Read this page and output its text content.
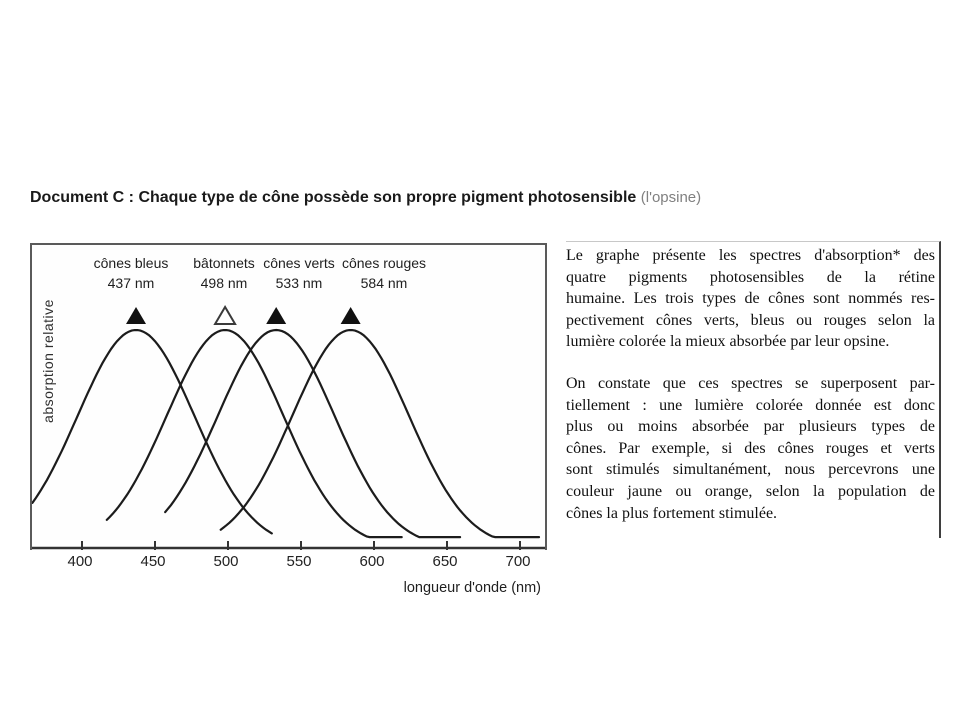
Document C : Chaque type de cône possède son propre pigment photosensible (l'opsine)
absorption relative
cônes bleus
437 nm
bâtonnets
498 nm
cônes verts
533 nm
cônes rouges
584 nm
400	450	500	550	600	650	700
longueur d'onde (nm)
Le graphe présente les spectres d'absorption* des
quatre pigments photosensibles de la rétine
humaine. Les trois types de cônes sont nommés res-
pectivement cônes verts, bleus ou rouges selon la
lumière colorée la mieux absorbée par leur opsine.
On constate que ces spectres se superposent par-
tiellement : une lumière colorée donnée est donc
plus ou moins absorbée par plusieurs types de
cônes. Par exemple, si des cônes rouges et verts
sont stimulés simultanément, nous percevrons une
couleur jaune ou orange, selon la population de
cônes la plus fortement stimulée.
